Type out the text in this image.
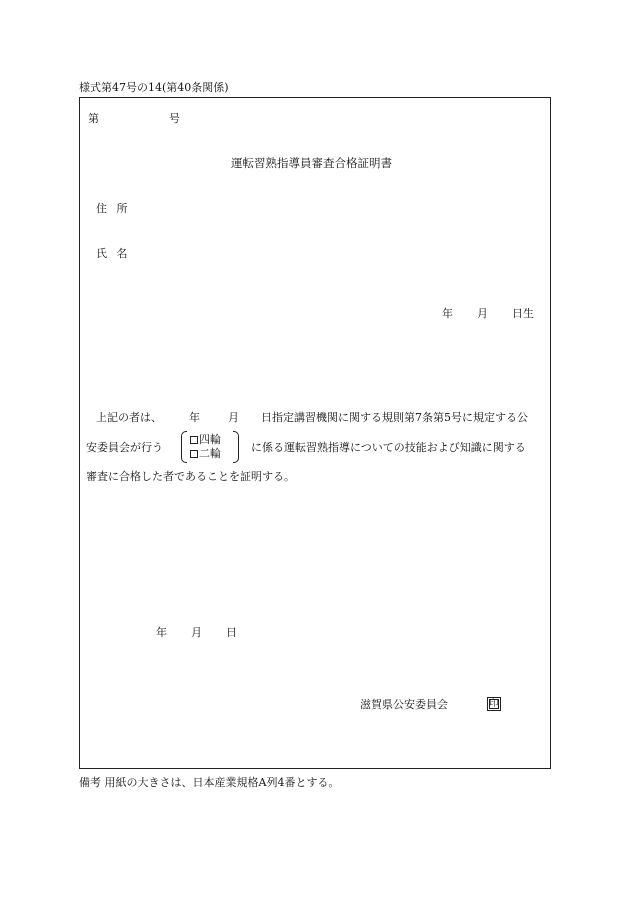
様式第47号の14(第40条関係)
第	号
運転習熟指導員審査合格証明書
住 所
氏 名
年 月 日生
上記の者は、 年	月 日指定講習機関に関する規則第7条第5号に規定する公
安委員会が行う
四輪
二輪	に係る運転習熟指導についての技能および知識に関する
審査に合格した者であることを証明する。
年 月 日
滋賀県公安委員会	印
備考 用紙の大きさは、日本産業規格A列4番とする。
